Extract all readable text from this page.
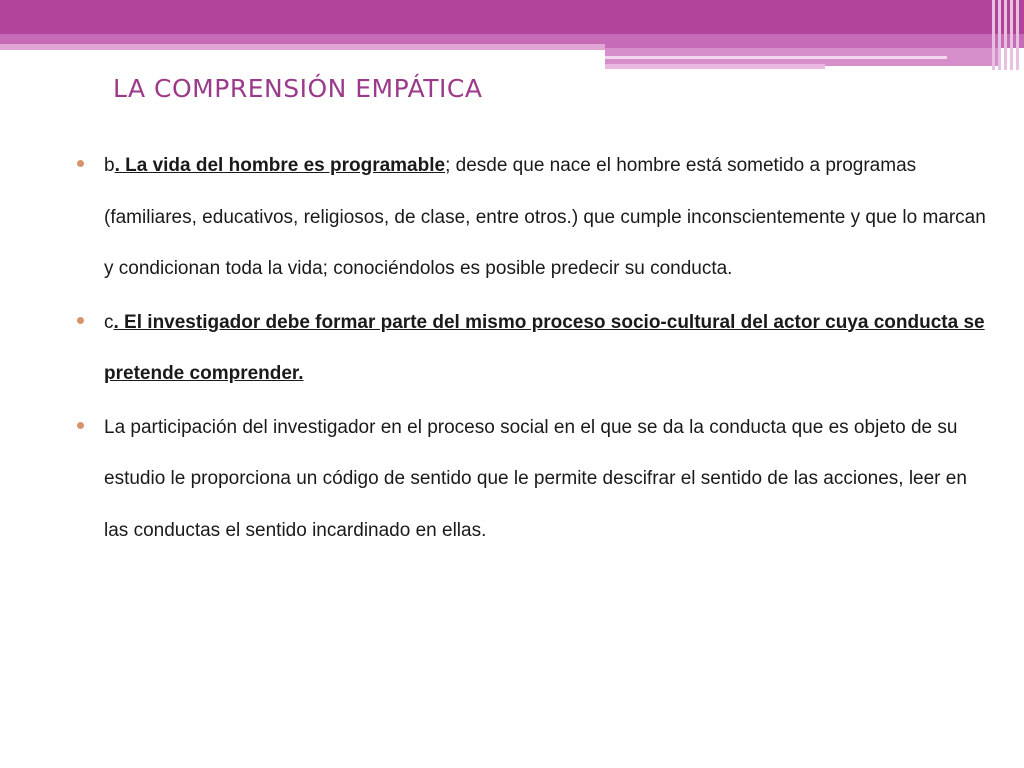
LA COMPRENSIÓN EMPÁTICA
b. La vida del hombre es programable; desde que nace el hombre está sometido a programas (familiares, educativos, religiosos, de clase, entre otros.) que cumple inconscientemente y que lo marcan y condicionan toda la vida; conociéndolos es posible predecir su conducta.
c. El investigador debe formar parte del mismo proceso socio-cultural del actor cuya conducta se pretende comprender.
La participación del investigador en el proceso social en el que se da la conducta que es objeto de su estudio le proporciona un código de sentido que le permite descifrar el sentido de las acciones, leer en las conductas el sentido incardinado en ellas.
